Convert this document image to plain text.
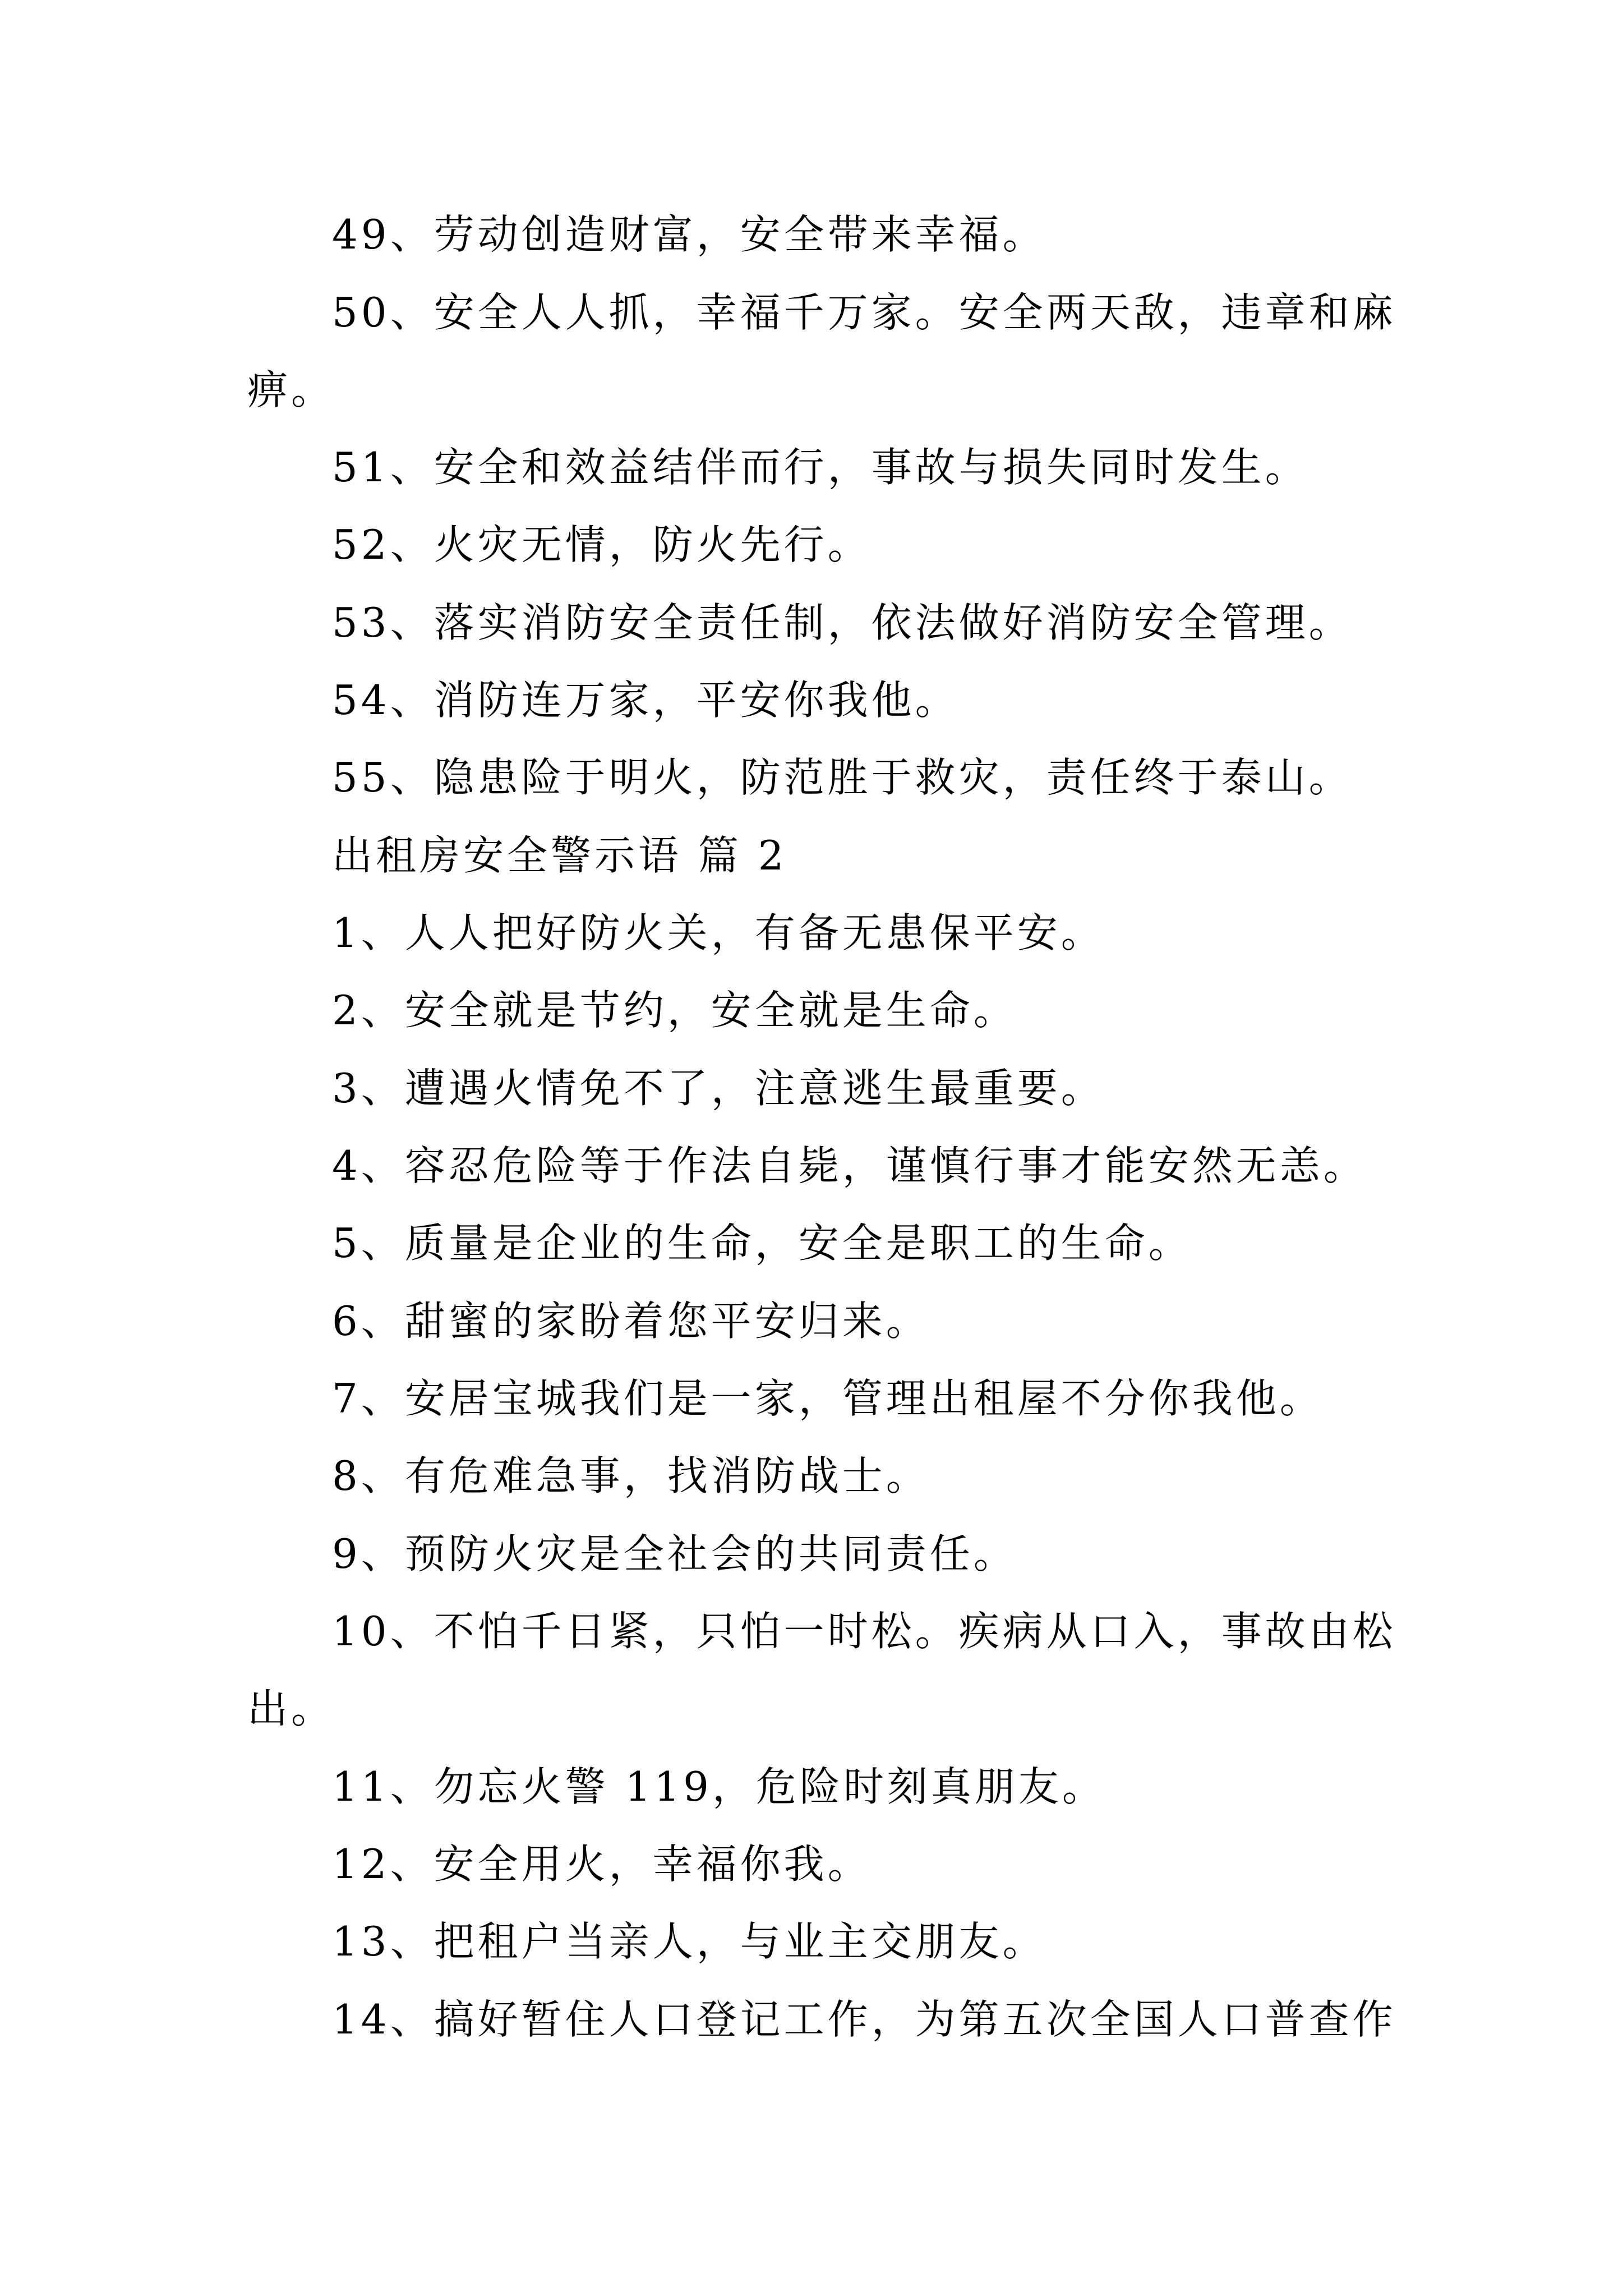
49、劳动创造财富，安全带来幸福。

50、安全人人抓，幸福千万家。安全两天敌，违章和麻

痹。

51、安全和效益结伴而行，事故与损失同时发生。

52、火灾无情，防火先行。

53、落实消防安全责任制，依法做好消防安全管理。

54、消防连万家，平安你我他。

55、隐患险于明火，防范胜于救灾，责任终于泰山。

出租房安全警示语 篇 2

1、人人把好防火关，有备无患保平安。

2、安全就是节约，安全就是生命。

3、遭遇火情免不了，注意逃生最重要。

4、容忍危险等于作法自毙，谨慎行事才能安然无恙。

5、质量是企业的生命，安全是职工的生命。

6、甜蜜的家盼着您平安归来。

7、安居宝城我们是一家，管理出租屋不分你我他。

8、有危难急事，找消防战士。

9、预防火灾是全社会的共同责任。

10、不怕千日紧，只怕一时松。疾病从口入，事故由松

出。

11、勿忘火警 119，危险时刻真朋友。

12、安全用火，幸福你我。

13、把租户当亲人，与业主交朋友。

14、搞好暂住人口登记工作，为第五次全国人口普查作
